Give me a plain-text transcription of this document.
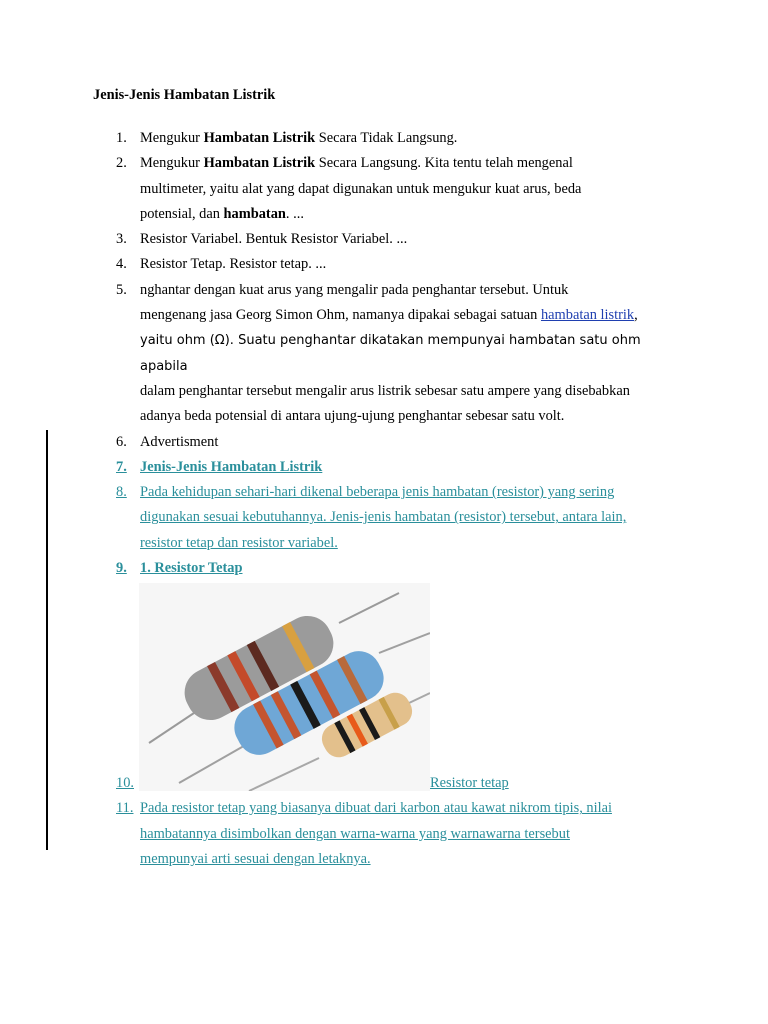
Jenis-Jenis Hambatan Listrik
1. Mengukur Hambatan Listrik Secara Tidak Langsung.
2. Mengukur Hambatan Listrik Secara Langsung. Kita tentu telah mengenal
multimeter, yaitu alat yang dapat digunakan untuk mengukur kuat arus, beda
potensial, dan hambatan. ...
3. Resistor Variabel. Bentuk Resistor Variabel. ...
4. Resistor Tetap. Resistor tetap. ...
5. nghantar dengan kuat arus yang mengalir pada penghantar tersebut. Untuk
mengenang jasa Georg Simon Ohm, namanya dipakai sebagai satuan hambatan listrik,
yaitu ohm (Ω). Suatu penghantar dikatakan mempunyai hambatan satu ohm apabila
dalam penghantar tersebut mengalir arus listrik sebesar satu ampere yang disebabkan
adanya beda potensial di antara ujung-ujung penghantar sebesar satu volt.
6. Advertisment
7. Jenis-Jenis Hambatan Listrik
8. Pada kehidupan sehari-hari dikenal beberapa jenis hambatan (resistor) yang sering
digunakan sesuai kebutuhannya. Jenis-jenis hambatan (resistor) tersebut, antara lain,
resistor tetap dan resistor variabel.
9. 1. Resistor Tetap
10.	Resistor tetap
11. Pada resistor tetap yang biasanya dibuat dari karbon atau kawat nikrom tipis, nilai
hambatannya disimbolkan dengan warna-warna yang warnawarna tersebut
mempunyai arti sesuai dengan letaknya.
